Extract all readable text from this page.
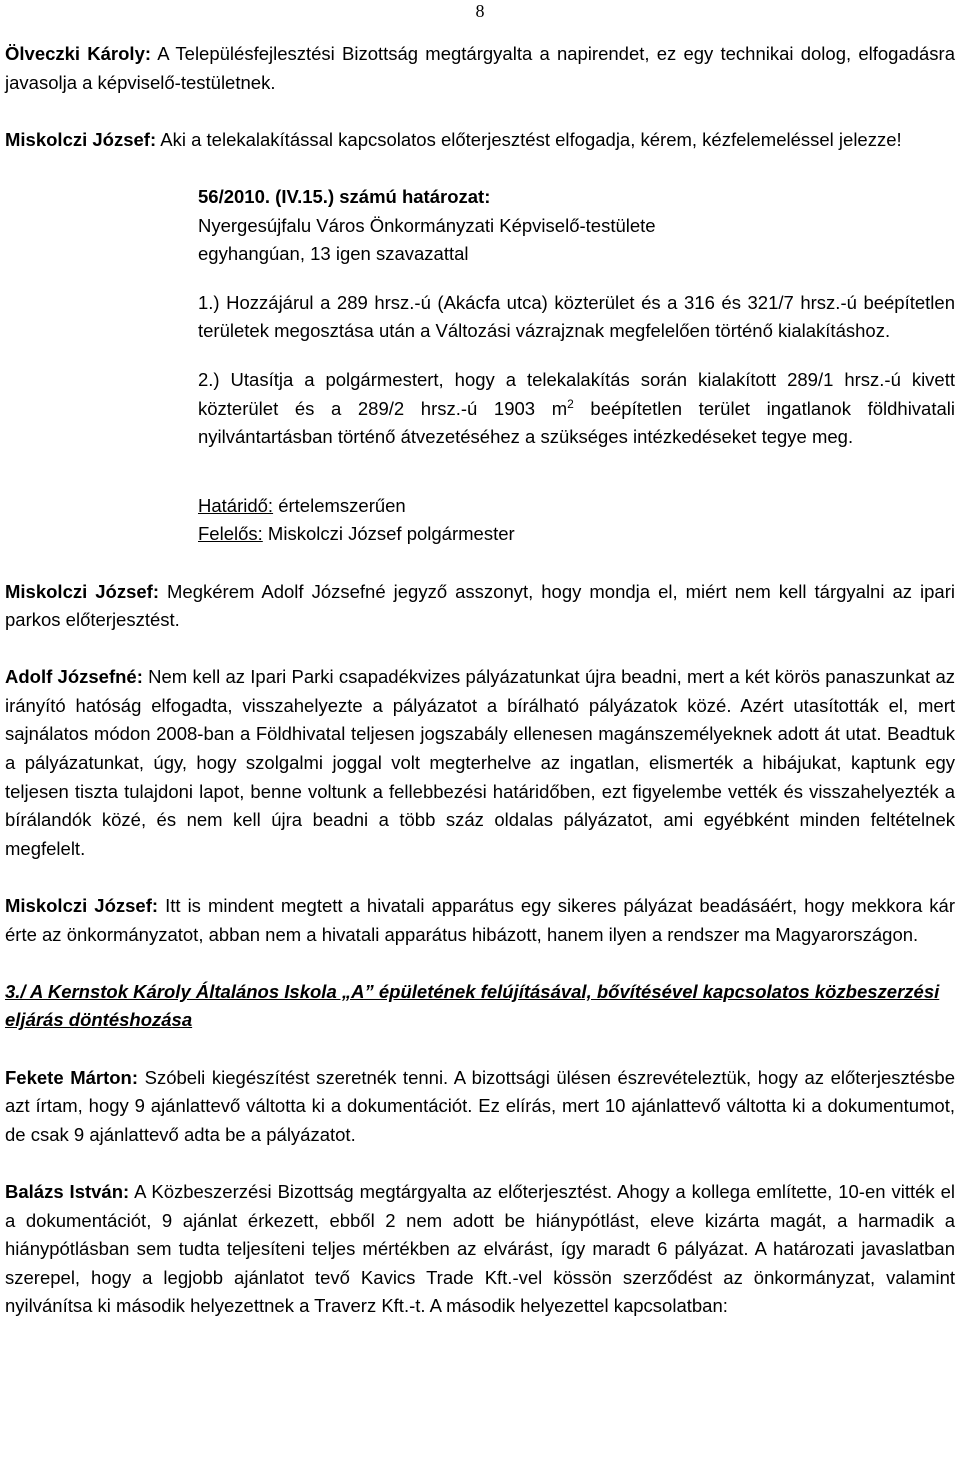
8

Ölveczki Károly: A Településfejlesztési Bizottság megtárgyalta a napirendet, ez egy technikai dolog, elfogadásra javasolja a képviselő-testületnek.

Miskolczi József: Aki a telekalakítással kapcsolatos előterjesztést elfogadja, kérem, kézfelemeléssel jelezze!

56/2010. (IV.15.) számú határozat:
Nyergesújfalu Város Önkormányzati Képviselő-testülete
egyhangúan, 13 igen szavazattal
1.) Hozzájárul a 289 hrsz.-ú (Akácfa utca) közterület és a 316 és 321/7 hrsz.-ú beépítetlen területek megosztása után a Változási vázrajznak megfelelően történő kialakításhoz.
2.) Utasítja a polgármestert, hogy a telekalakítás során kialakított 289/1 hrsz.-ú kivett közterület és a 289/2 hrsz.-ú 1903 $m^2$ beépítetlen terület ingatlanok földhivatali nyilvántartásban történő átvezetéséhez a szükséges intézkedéseket tegye meg.
Határidő: értelemszerűen
Felelős: Miskolczi József polgármester

Miskolczi József: Megkérem Adolf Józsefné jegyző asszonyt, hogy mondja el, miért nem kell tárgyalni az ipari parkos előterjesztést.

Adolf Józsefné: Nem kell az Ipari Parki csapadékvizes pályázatunkat újra beadni, mert a két körös panaszunkat az irányító hatóság elfogadta, visszahelyezte a pályázatot a bírálható pályázatok közé. Azért utasították el, mert sajnálatos módon 2008-ban a Földhivatal teljesen jogszabály ellenesen magánszemélyeknek adott át utat. Beadtuk a pályázatunkat, úgy, hogy szolgalmi joggal volt megterhelve az ingatlan, elismerték a hibájukat, kaptunk egy teljesen tiszta tulajdoni lapot, benne voltunk a fellebbezési határidőben, ezt figyelembe vették és visszahelyezték a bírálandók közé, és nem kell újra beadni a több száz oldalas pályázatot, ami egyébként minden feltételnek megfelelt.

Miskolczi József: Itt is mindent megtett a hivatali apparátus egy sikeres pályázat beadásáért, hogy mekkora kár érte az önkormányzatot, abban nem a hivatali apparátus hibázott, hanem ilyen a rendszer ma Magyarországon.

3./ A Kernstok Károly Általános Iskola „A” épületének felújításával, bővítésével kapcsolatos közbeszerzési eljárás döntéshozása

Fekete Márton: Szóbeli kiegészítést szeretnék tenni. A bizottsági ülésen észrevételeztük, hogy az előterjesztésbe azt írtam, hogy 9 ajánlattevő váltotta ki a dokumentációt. Ez elírás, mert 10 ajánlattevő váltotta ki a dokumentumot, de csak 9 ajánlattevő adta be a pályázatot.

Balázs István: A Közbeszerzési Bizottság megtárgyalta az előterjesztést. Ahogy a kollega említette, 10-en vitték el a dokumentációt, 9 ajánlat érkezett, ebből 2 nem adott be hiánypótlást, eleve kizárta magát, a harmadik a hiánypótlásban sem tudta teljesíteni teljes mértékben az elvárást, így maradt 6 pályázat. A határozati javaslatban szerepel, hogy a legjobb ajánlatot tevő Kavics Trade Kft.-vel kössön szerződést az önkormányzat, valamint nyilvánítsa ki második helyezettnek a Traverz Kft.-t. A második helyezettel kapcsolatban:
